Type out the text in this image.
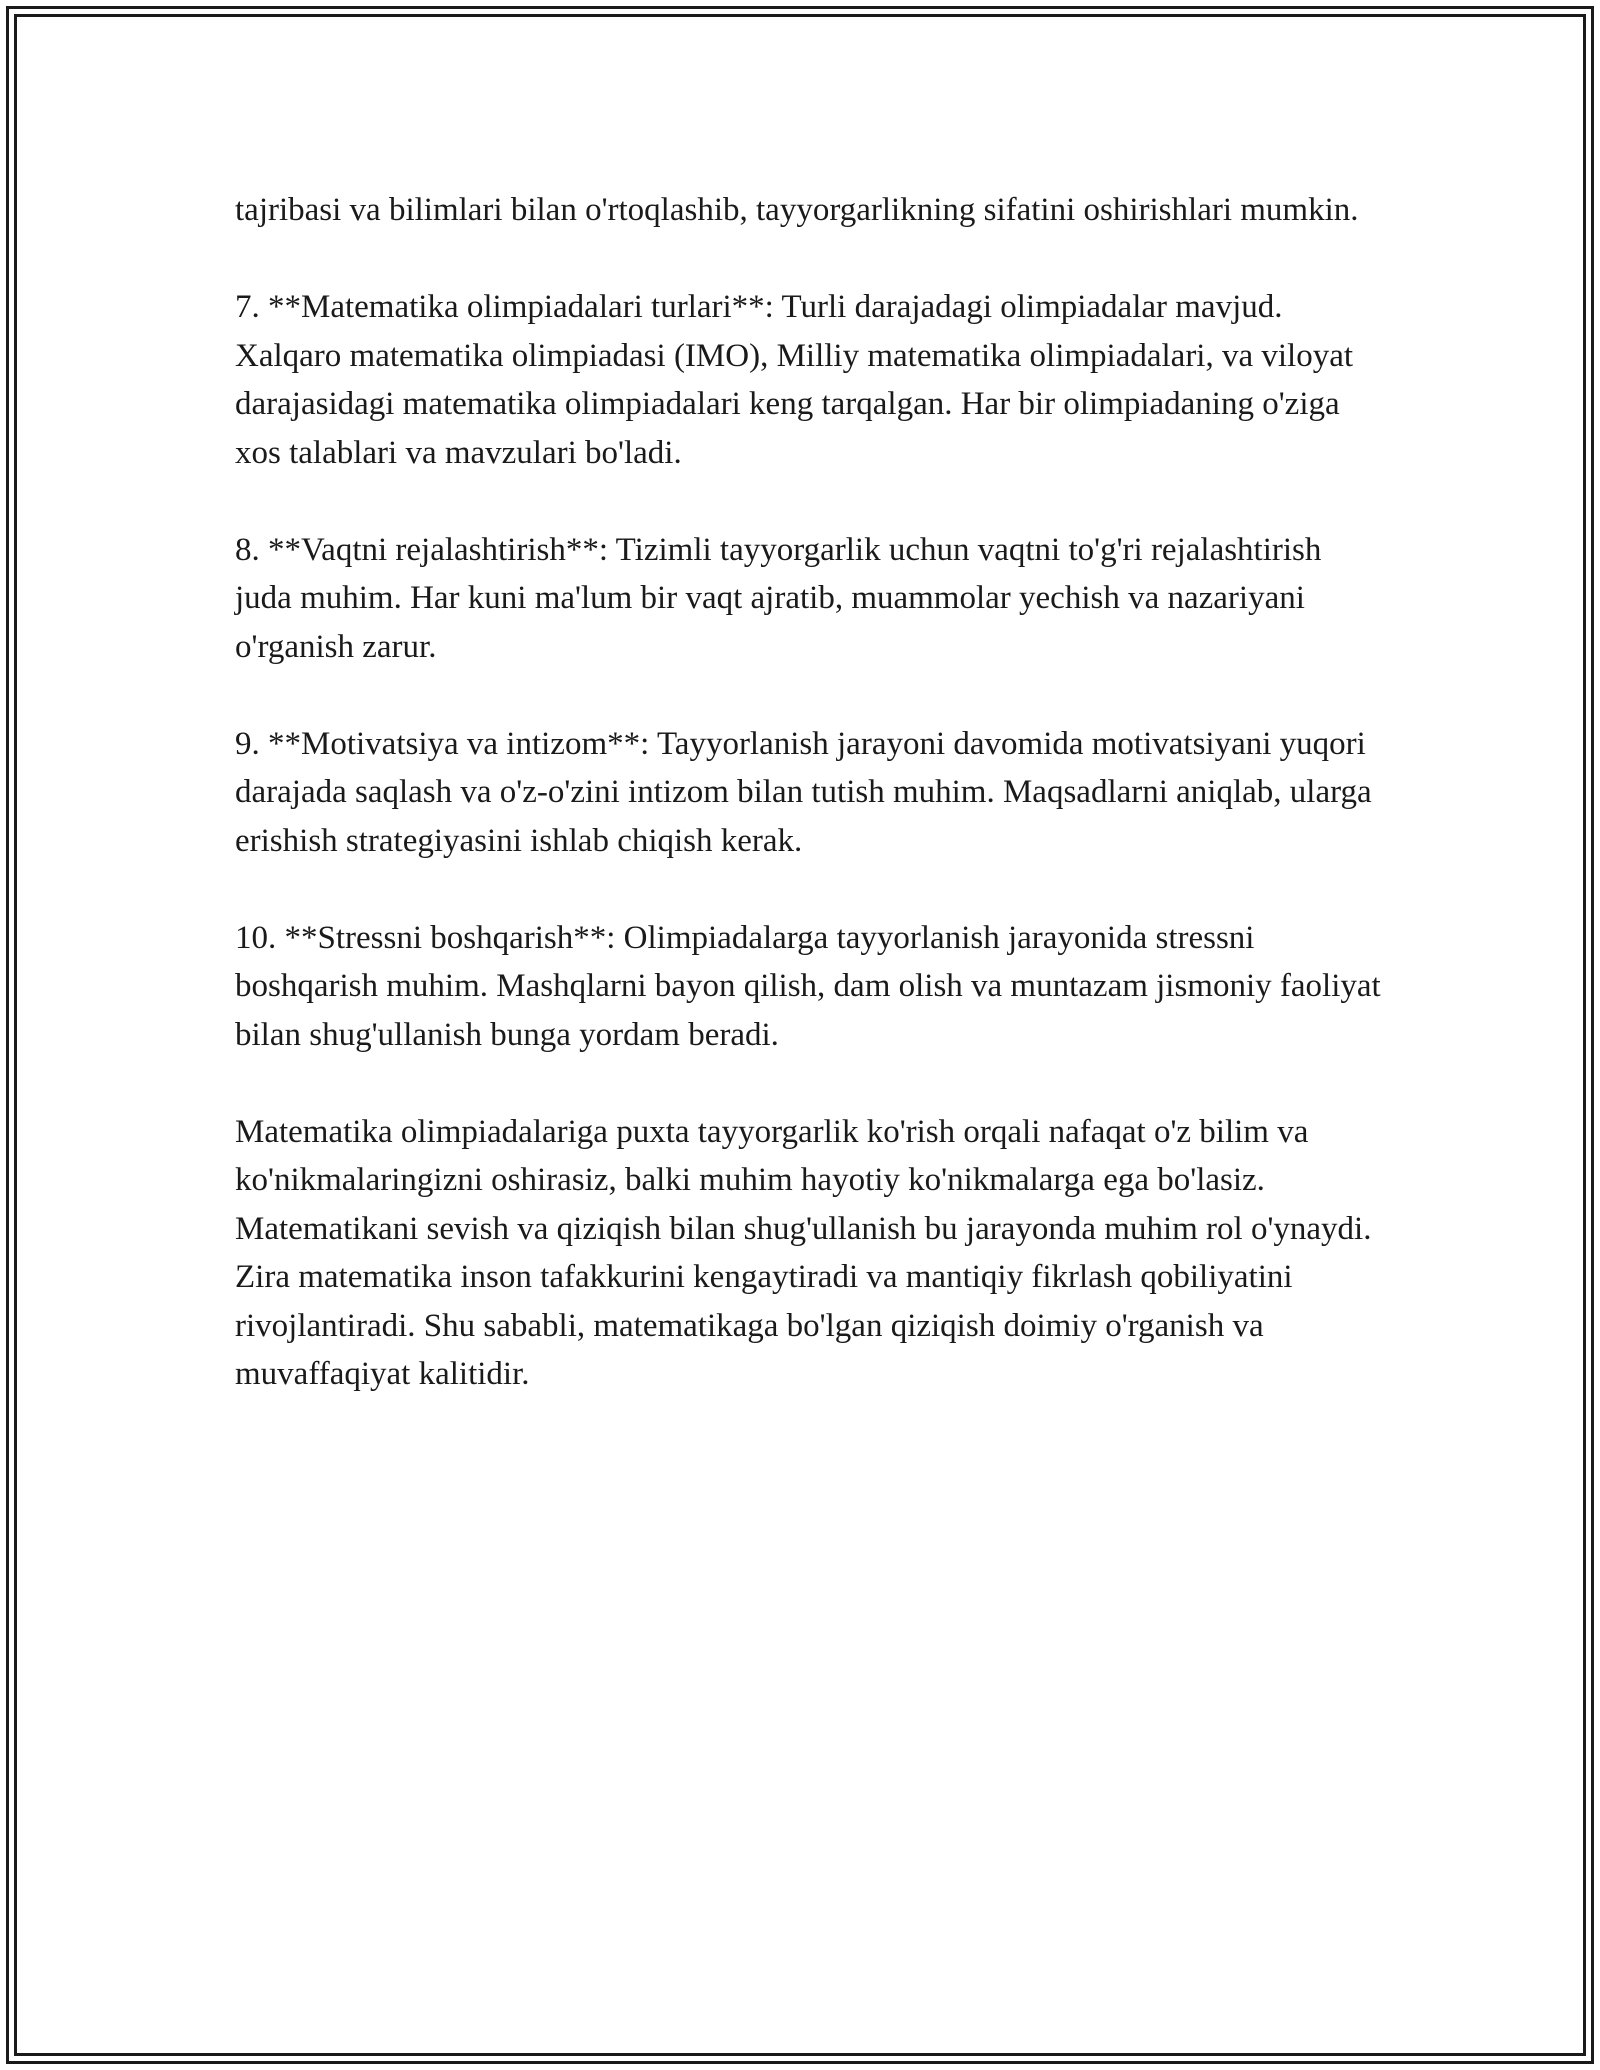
tajribasi va bilimlari bilan o'rtoqlashib, tayyorgarlikning sifatini oshirishlari mumkin.

7. **Matematika olimpiadalari turlari**: Turli darajadagi olimpiadalar mavjud. Xalqaro matematika olimpiadasi (IMO), Milliy matematika olimpiadalari, va viloyat darajasidagi matematika olimpiadalari keng tarqalgan. Har bir olimpiadaning o'ziga xos talablari va mavzulari bo'ladi.

8. **Vaqtni rejalashtirish**: Tizimli tayyorgarlik uchun vaqtni to'g'ri rejalashtirish juda muhim. Har kuni ma'lum bir vaqt ajratib, muammolar yechish va nazariyani o'rganish zarur.

9. **Motivatsiya va intizom**: Tayyorlanish jarayoni davomida motivatsiyani yuqori darajada saqlash va o'z-o'zini intizom bilan tutish muhim. Maqsadlarni aniqlab, ularga erishish strategiyasini ishlab chiqish kerak.

10. **Stressni boshqarish**: Olimpiadalarga tayyorlanish jarayonida stressni boshqarish muhim. Mashqlarni bayon qilish, dam olish va muntazam jismoniy faoliyat bilan shug'ullanish bunga yordam beradi.

Matematika olimpiadalariga puxta tayyorgarlik ko'rish orqali nafaqat o'z bilim va ko'nikmalaringizni oshirasiz, balki muhim hayotiy ko'nikmalarga ega bo'lasiz. Matematikani sevish va qiziqish bilan shug'ullanish bu jarayonda muhim rol o'ynaydi. Zira matematika inson tafakkurini kengaytiradi va mantiqiy fikrlash qobiliyatini rivojlantiradi. Shu sababli, matematikaga bo'lgan qiziqish doimiy o'rganish va muvaffaqiyat kalitidir.
